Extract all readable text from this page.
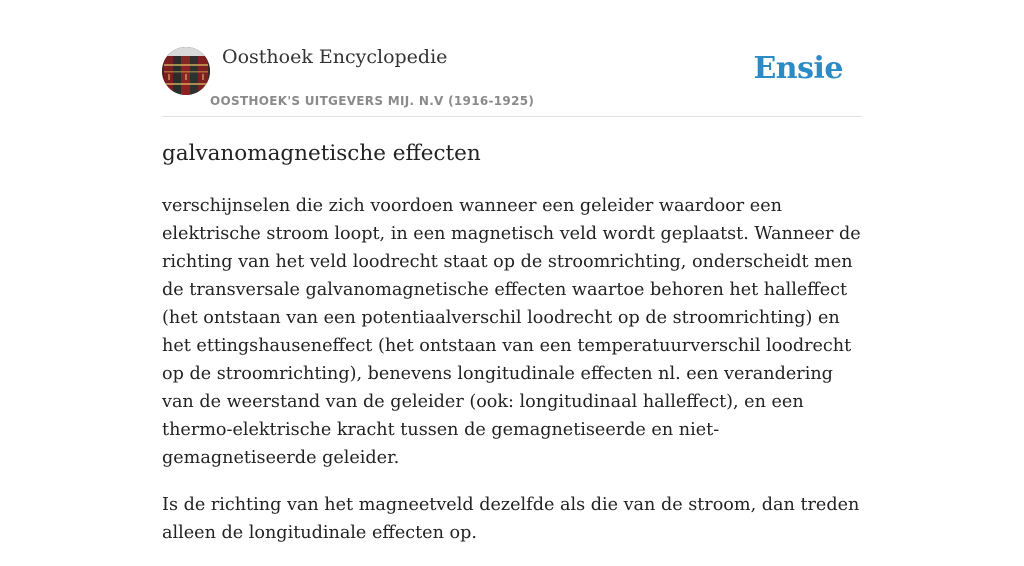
Oosthoek Encyclopedie
OOSTHOEK'S UITGEVERS MIJ. N.V (1916-1925)
Ensie
galvanomagnetische effecten

verschijnselen die zich voordoen wanneer een geleider waardoor een elektrische stroom loopt, in een magnetisch veld wordt geplaatst. Wanneer de richting van het veld loodrecht staat op de stroomrichting, onderscheidt men de transversale galvanomagnetische effecten waartoe behoren het halleffect (het ontstaan van een potentiaalverschil loodrecht op de stroomrichting) en het ettingshauseneffect (het ontstaan van een temperatuurverschil loodrecht op de stroomrichting), benevens longitudinale effecten nl. een verandering van de weerstand van de geleider (ook: longitudinaal halleffect), en een thermo-elektrische kracht tussen de gemagnetiseerde en niet-gemagnetiseerde geleider.

Is de richting van het magneetveld dezelfde als die van de stroom, dan treden alleen de longitudinale effecten op.
